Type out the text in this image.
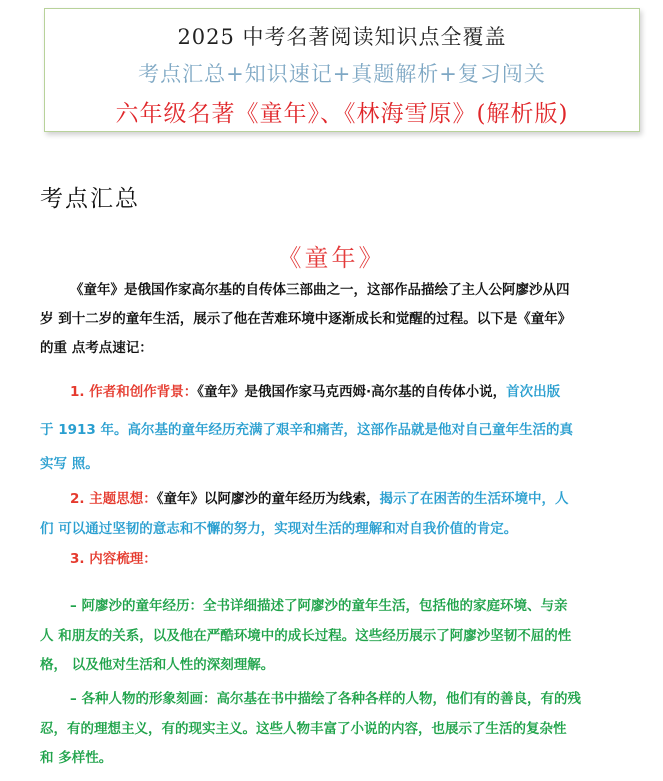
2025 中考名著阅读知识点全覆盖
考点汇总+知识速记+真题解析+复习闯关
六年级名著《童年》、《林海雪原》(解析版)
考点汇总
《童年》
《童年》是俄国作家高尔基的自传体三部曲之一，这部作品描绘了主人公阿廖沙从四
岁 到十二岁的童年生活，展示了他在苦难环境中逐渐成长和觉醒的过程。以下是《童年》
的重 点考点速记：
1. 作者和创作背景：《童年》是俄国作家马克西姆·高尔基的自传体小说，首次出版
于 1913 年。高尔基的童年经历充满了艰辛和痛苦，这部作品就是他对自己童年生活的真
实写 照。
2. 主题思想：《童年》以阿廖沙的童年经历为线索，揭示了在困苦的生活环境中，人
们 可以通过坚韧的意志和不懈的努力，实现对生活的理解和对自我价值的肯定。
3. 内容梳理：
– 阿廖沙的童年经历：全书详细描述了阿廖沙的童年生活，包括他的家庭环境、与亲
人 和朋友的关系，以及他在严酷环境中的成长过程。这些经历展示了阿廖沙坚韧不屈的性
格， 以及他对生活和人性的深刻理解。
– 各种人物的形象刻画：高尔基在书中描绘了各种各样的人物，他们有的善良，有的残
忍，有的理想主义，有的现实主义。这些人物丰富了小说的内容，也展示了生活的复杂性
和 多样性。
